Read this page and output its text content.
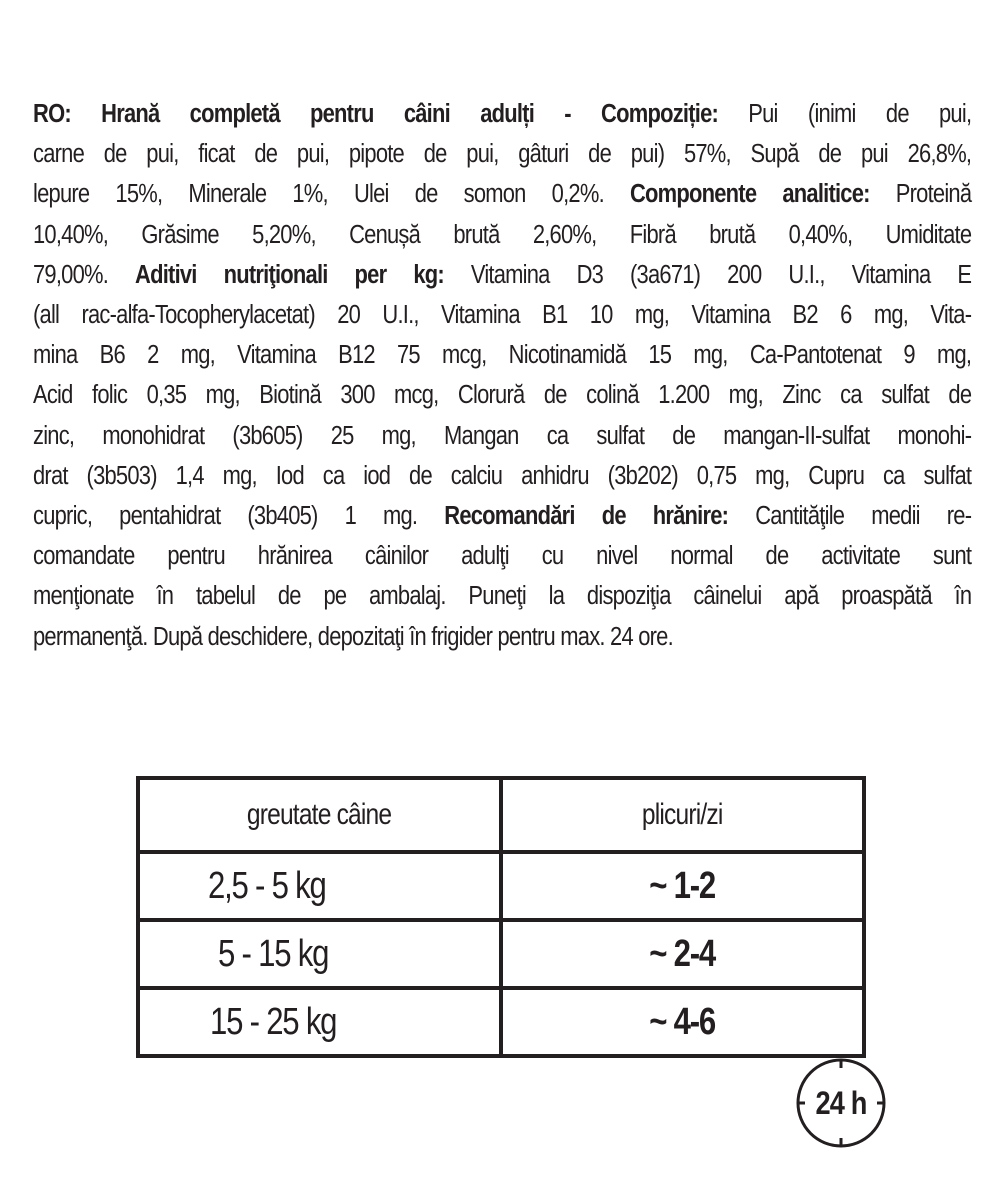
RO: Hrană completă pentru câini adulți - Compoziție: Pui (inimi de pui,
carne de pui, ficat de pui, pipote de pui, gâturi de pui) 57%, Supă de pui 26,8%,
lepure 15%, Minerale 1%, Ulei de somon 0,2%. Componente analitice: Proteină
10,40%, Grăsime 5,20%, Cenușă brută 2,60%, Fibră brută 0,40%, Umiditate
79,00%. Aditivi nutriţionali per kg: Vitamina D3 (3a671) 200 U.I., Vitamina E
(all rac-alfa-Tocopherylacetat) 20 U.I., Vitamina B1 10 mg, Vitamina B2 6 mg, Vita-
mina B6 2 mg, Vitamina B12 75 mcg, Nicotinamidă 15 mg, Ca-Pantotenat 9 mg,
Acid folic 0,35 mg, Biotină 300 mcg, Clorură de colină 1.200 mg, Zinc ca sulfat de
zinc, monohidrat (3b605) 25 mg, Mangan ca sulfat de mangan-II-sulfat monohi-
drat (3b503) 1,4 mg, Iod ca iod de calciu anhidru (3b202) 0,75 mg, Cupru ca sulfat
cupric, pentahidrat (3b405) 1 mg. Recomandări de hrănire: Cantităţile medii re-
comandate pentru hrănirea câinilor adulţi cu nivel normal de activitate sunt
menţionate în tabelul de pe ambalaj. Puneţi la dispoziţia câinelui apă proaspătă în
permanenţă. După deschidere, depozitaţi în frigider pentru max. 24 ore.
greutate câine	plicuri/zi
2,5 - 5 kg	~ 1-2
5 - 15 kg	~ 2-4
15 - 25 kg	~ 4-6
24 h
